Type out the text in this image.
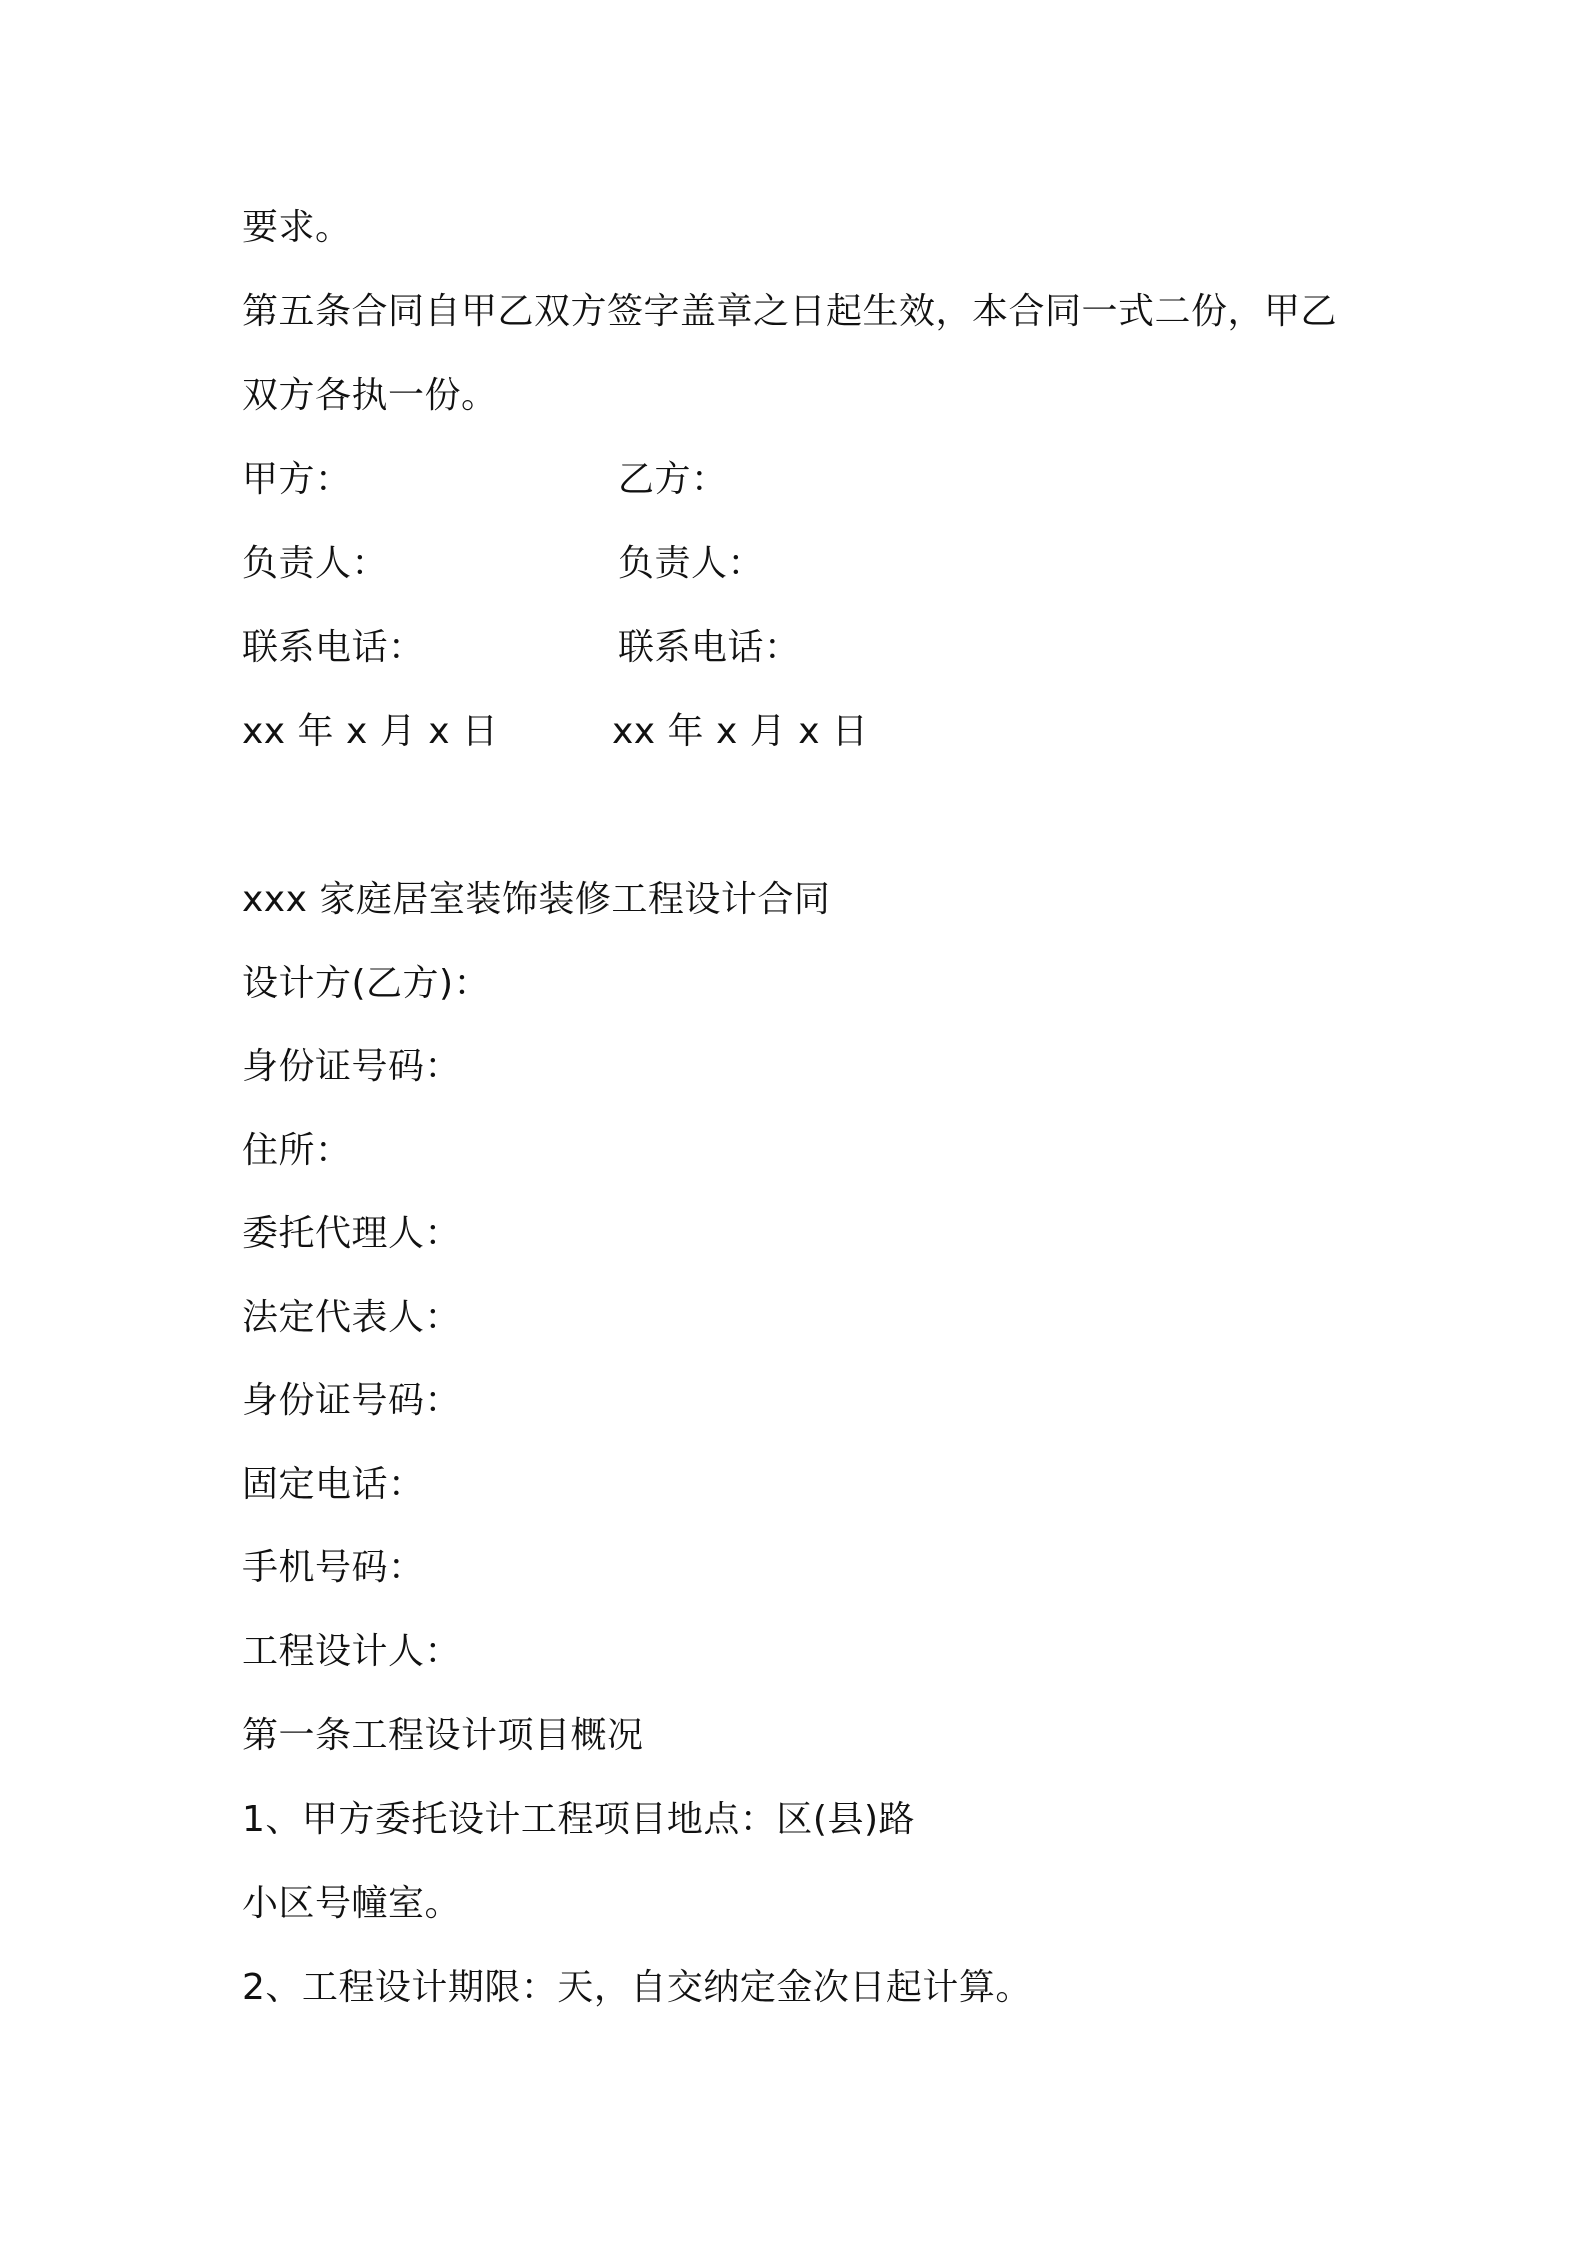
要求。
第五条合同自甲乙双方签字盖章之日起生效，本合同一式二份，甲乙
双方各执一份。
甲方：	乙方：
负责人：	负责人：
联系电话：	联系电话：
xx 年 x 月 x 日	xx 年 x 月 x 日
xxx 家庭居室装饰装修工程设计合同
设计方(乙方)：
身份证号码：
住所：
委托代理人：
法定代表人：
身份证号码：
固定电话：
手机号码：
工程设计人：
第一条工程设计项目概况
1、甲方委托设计工程项目地点：区(县)路
小区号幢室。
2、工程设计期限：天，自交纳定金次日起计算。
